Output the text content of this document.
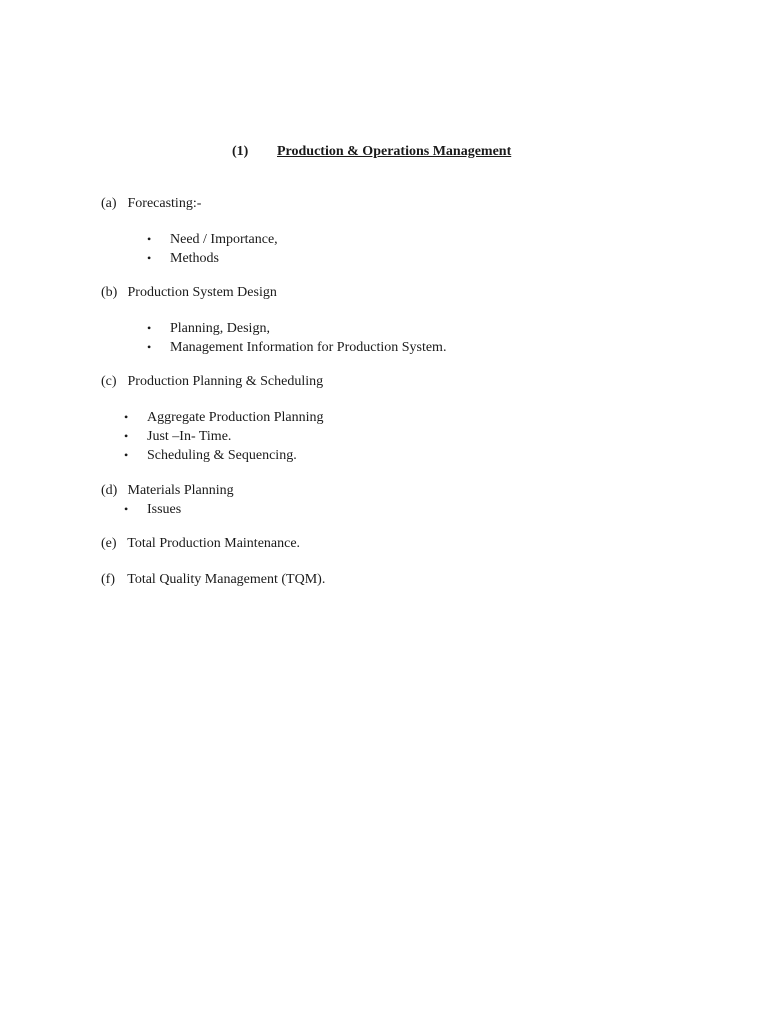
(1) Production & Operations Management
(a) Forecasting:-
• Need / Importance,
• Methods
(b) Production System Design
• Planning, Design,
• Management Information for Production System.
(c) Production Planning & Scheduling
• Aggregate Production Planning
• Just –In- Time.
• Scheduling & Sequencing.
(d) Materials Planning
• Issues
(e) Total Production Maintenance.
(f) Total Quality Management (TQM).
